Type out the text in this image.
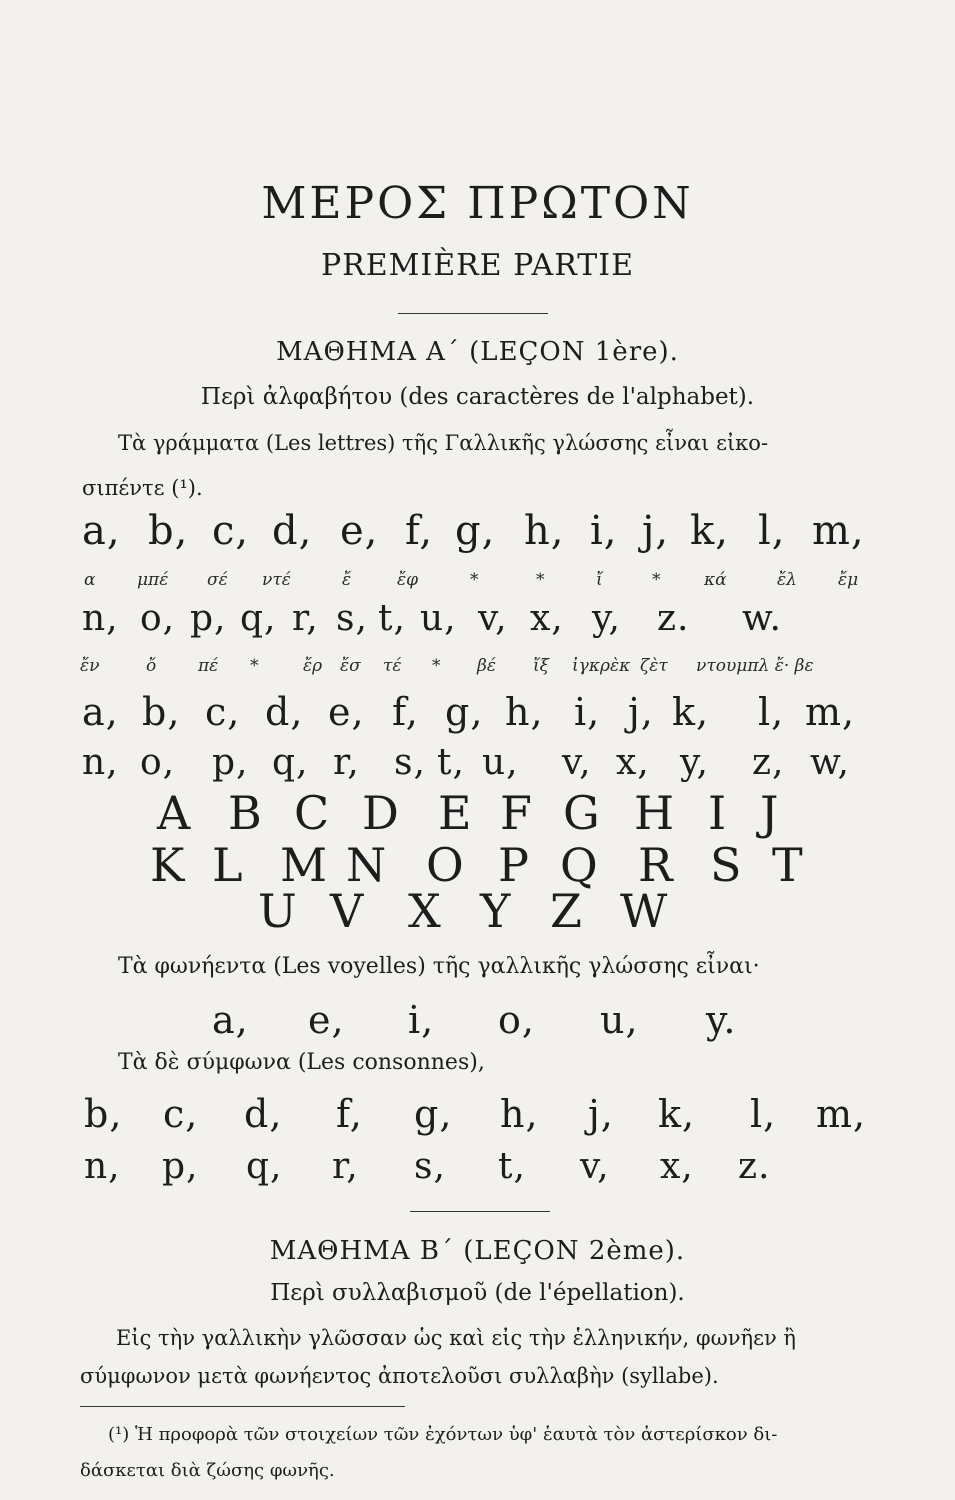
ΜΕΡΟΣ ΠΡΩΤΟΝ
PREMIÈRE PARTIE
ΜΑΘΗΜΑ Α΄ (LEÇON 1ère).
Περὶ ἀλφαβήτου (des caractères de l'alphabet).
Τὰ γράμματα (Les lettres) τῆς Γαλλικῆς γλώσσης εἶναι εἰκο-
σιπέντε (¹).
a, b, c, d, e, f, g, h, i, j, k, l, m,
α μπέ σέ ντέ	ἔ	ἔφ	*	*	ἴ	*	κά	ἔλ ἔμ
n, o, p, q, r, s, t, u, v, x, y, z. w.
ἔν	ὄ πέ *	ἔρ ἔσ τέ * βέ ἴξ ἰγκρὲκ ζὲτ ντουμπλ ἔ· βε
a, b, c, d, e, f, g, h, i, j, k, l, m,
n, o, p, q, r, s, t, u, v, x, y, z, w,
A B C D E F G H I J
K L M N O P Q R S T
U V X Y Z W
Τὰ φωνήεντα (Les voyelles) τῆς γαλλικῆς γλώσσης εἶναι·
a, e, i, o, u, y.
Τὰ δὲ σύμφωνα (Les consonnes),
b, c, d, f, g, h, j, k, l, m,
n, p, q, r, s, t, v, x, z.
ΜΑΘΗΜΑ Β΄ (LEÇON 2ème).
Περὶ συλλαβισμοῦ (de l'épellation).
Εἰς τὴν γαλλικὴν γλῶσσαν ὡς καὶ εἰς τὴν ἑλληνικήν, φωνῆεν ἢ
σύμφωνον μετὰ φωνήεντος ἀποτελοῦσι συλλαβὴν (syllabe).
(¹) Ἡ προφορὰ τῶν στοιχείων τῶν ἐχόντων ὑφ' ἑαυτὰ τὸν ἀστερίσκον δι-
δάσκεται διὰ ζώσης φωνῆς.
